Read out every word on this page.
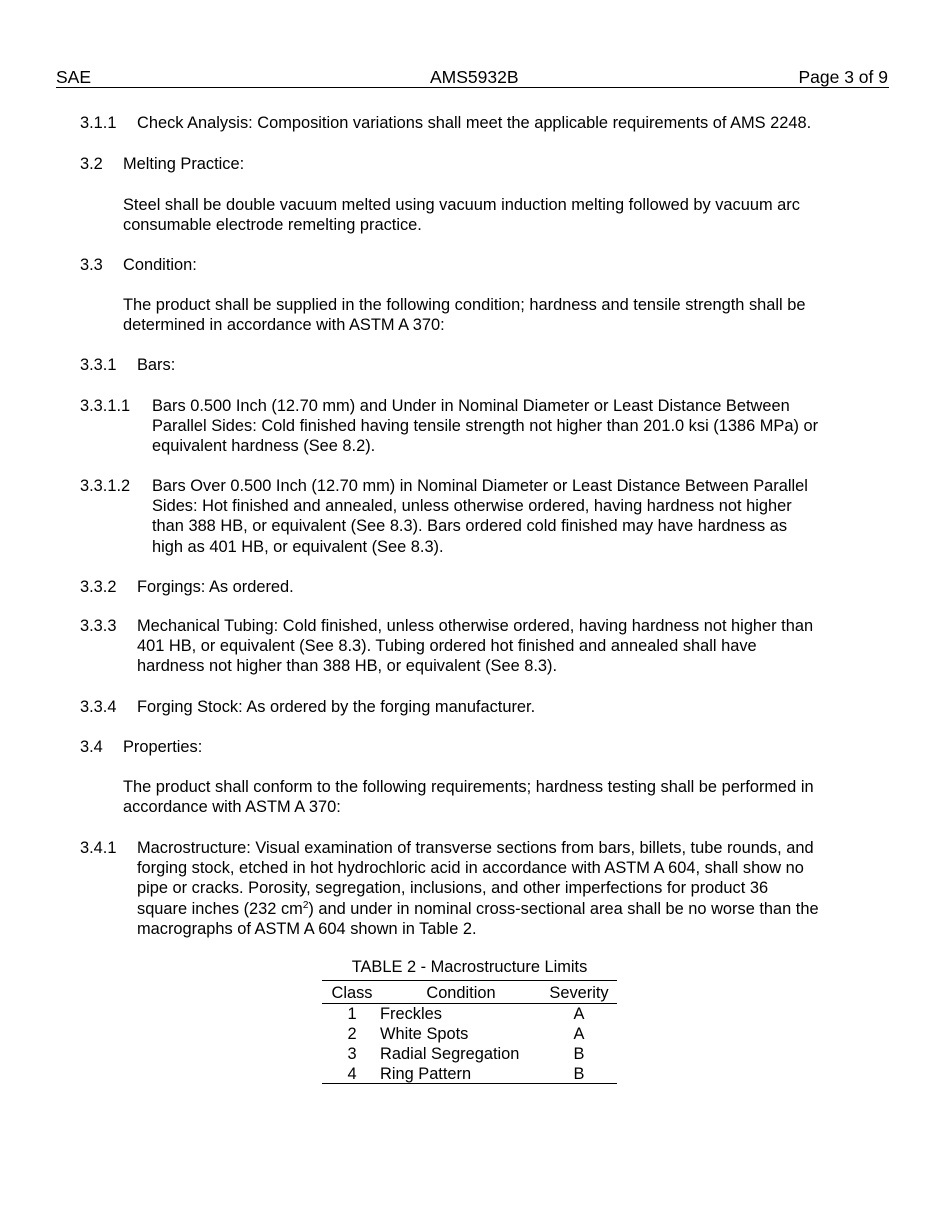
SAE	AMS5932B	Page 3 of 9
3.1.1 Check Analysis: Composition variations shall meet the applicable requirements of AMS 2248.
3.2 Melting Practice:
Steel shall be double vacuum melted using vacuum induction melting followed by vacuum arc
consumable electrode remelting practice.
3.3 Condition:
The product shall be supplied in the following condition; hardness and tensile strength shall be
determined in accordance with ASTM A 370:
3.3.1 Bars:
3.3.1.1 Bars 0.500 Inch (12.70 mm) and Under in Nominal Diameter or Least Distance Between
Parallel Sides: Cold finished having tensile strength not higher than 201.0 ksi (1386 MPa) or
equivalent hardness (See 8.2).
3.3.1.2 Bars Over 0.500 Inch (12.70 mm) in Nominal Diameter or Least Distance Between Parallel
Sides: Hot finished and annealed, unless otherwise ordered, having hardness not higher
than 388 HB, or equivalent (See 8.3). Bars ordered cold finished may have hardness as
high as 401 HB, or equivalent (See 8.3).
3.3.2 Forgings: As ordered.
3.3.3 Mechanical Tubing: Cold finished, unless otherwise ordered, having hardness not higher than
401 HB, or equivalent (See 8.3). Tubing ordered hot finished and annealed shall have
hardness not higher than 388 HB, or equivalent (See 8.3).
3.3.4 Forging Stock: As ordered by the forging manufacturer.
3.4 Properties:
The product shall conform to the following requirements; hardness testing shall be performed in
accordance with ASTM A 370:
3.4.1 Macrostructure: Visual examination of transverse sections from bars, billets, tube rounds, and
forging stock, etched in hot hydrochloric acid in accordance with ASTM A 604, shall show no
pipe or cracks. Porosity, segregation, inclusions, and other imperfections for product 36
square inches (232 $cm^2$) and under in nominal cross-sectional area shall be no worse than the
macrographs of ASTM A 604 shown in Table 2.
TABLE 2 - Macrostructure Limits
Class	Condition	Severity
1	Freckles	A
2	White Spots	A
3	Radial Segregation	B
4	Ring Pattern	B
